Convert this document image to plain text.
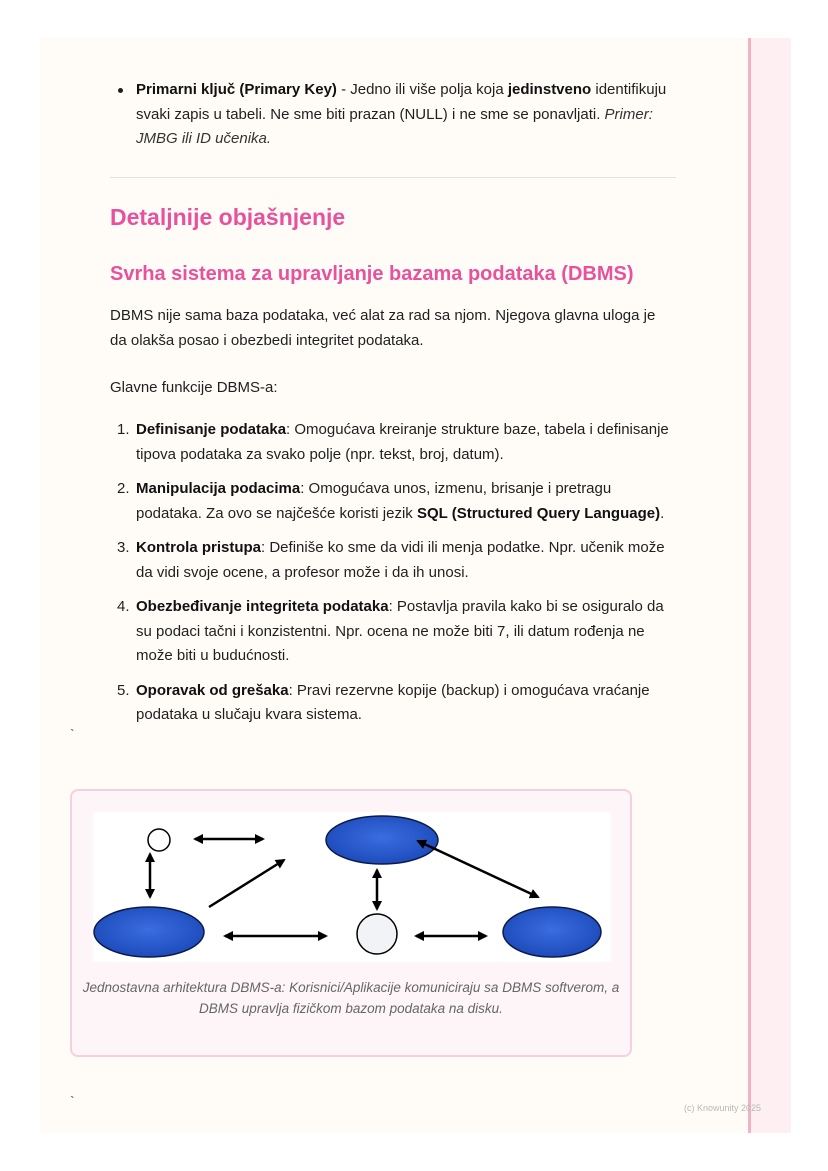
Primarni ključ (Primary Key) - Jedno ili više polja koja jedinstveno identifikuju svaki zapis u tabeli. Ne sme biti prazan (NULL) i ne sme se ponavljati. Primer: JMBG ili ID učenika.
Detaljnije objašnjenje
Svrha sistema za upravljanje bazama podataka (DBMS)

DBMS nije sama baza podataka, već alat za rad sa njom. Njegova glavna uloga je da olakša posao i obezbedi integritet podataka.

Glavne funkcije DBMS-a:

1. Definisanje podataka: Omogućava kreiranje strukture baze, tabela i definisanje tipova podataka za svako polje (npr. tekst, broj, datum).
2. Manipulacija podacima: Omogućava unos, izmenu, brisanje i pretragu podataka. Za ovo se najčešće koristi jezik SQL (Structured Query Language).
3. Kontrola pristupa: Definiše ko sme da vidi ili menja podatke. Npr. učenik može da vidi svoje ocene, a profesor može i da ih unosi.
4. Obezbeđivanje integriteta podataka: Postavlja pravila kako bi se osiguralo da su podaci tačni i konzistentni. Npr. ocena ne može biti 7, ili datum rođenja ne može biti u budućnosti.
5. Oporavak od grešaka: Pravi rezervne kopije (backup) i omogućava vraćanje podataka u slučaju kvara sistema.
`
Jednostavna arhitektura DBMS-a: Korisnici/Aplikacije komuniciraju sa DBMS softverom, a DBMS upravlja fizičkom bazom podataka na disku.
`	(c) Knowunity 2025
